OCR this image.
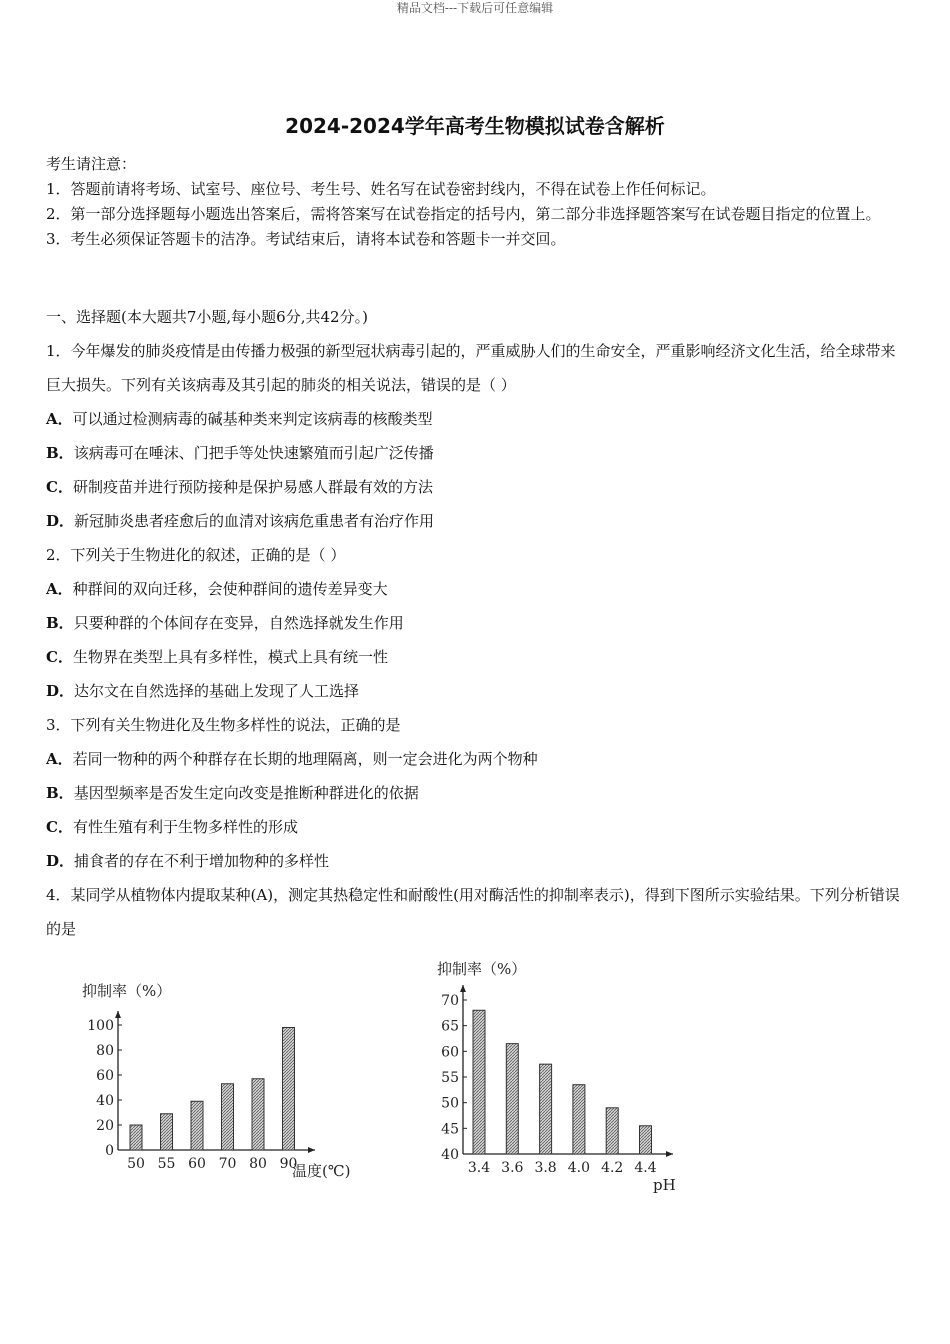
精品文档---下载后可任意编辑
2024-2024学年高考生物模拟试卷含解析

考生请注意：

1．答题前请将考场、试室号、座位号、考生号、姓名写在试卷密封线内，不得在试卷上作任何标记。

2．第一部分选择题每小题选出答案后，需将答案写在试卷指定的括号内，第二部分非选择题答案写在试卷题目指定的位置上。

3．考生必须保证答题卡的洁净。考试结束后，请将本试卷和答题卡一并交回。

一、选择题(本大题共7小题,每小题6分,共42分。)

1．今年爆发的肺炎疫情是由传播力极强的新型冠状病毒引起的，严重威胁人们的生命安全，严重影响经济文化生活，给全球带来巨大损失。下列有关该病毒及其引起的肺炎的相关说法，错误的是（ ）

A．可以通过检测病毒的碱基种类来判定该病毒的核酸类型

B．该病毒可在唾沫、门把手等处快速繁殖而引起广泛传播

C．研制疫苗并进行预防接种是保护易感人群最有效的方法

D．新冠肺炎患者痊愈后的血清对该病危重患者有治疗作用

2．下列关于生物进化的叙述，正确的是（ ）

A．种群间的双向迁移，会使种群间的遗传差异变大

B．只要种群的个体间存在变异，自然选择就发生作用

C．生物界在类型上具有多样性，模式上具有统一性

D．达尔文在自然选择的基础上发现了人工选择

3．下列有关生物进化及生物多样性的说法，正确的是

A．若同一物种的两个种群存在长期的地理隔离，则一定会进化为两个物种

B．基因型频率是否发生定向改变是推断种群进化的依据

C．有性生殖有利于生物多样性的形成

D．捕食者的存在不利于增加物种的多样性

4．某同学从植物体内提取某种(A)，测定其热稳定性和耐酸性(用对酶活性的抑制率表示)，得到下图所示实验结果。下列分析错误的是

0
20
40
60
80
100
50 55 60 70 80 90
抑制率（%）
温度(℃)
40
45
50
55
60
65
70
3.4 3.6 3.8 4.0 4.2 4.4
抑制率（%）
pH
